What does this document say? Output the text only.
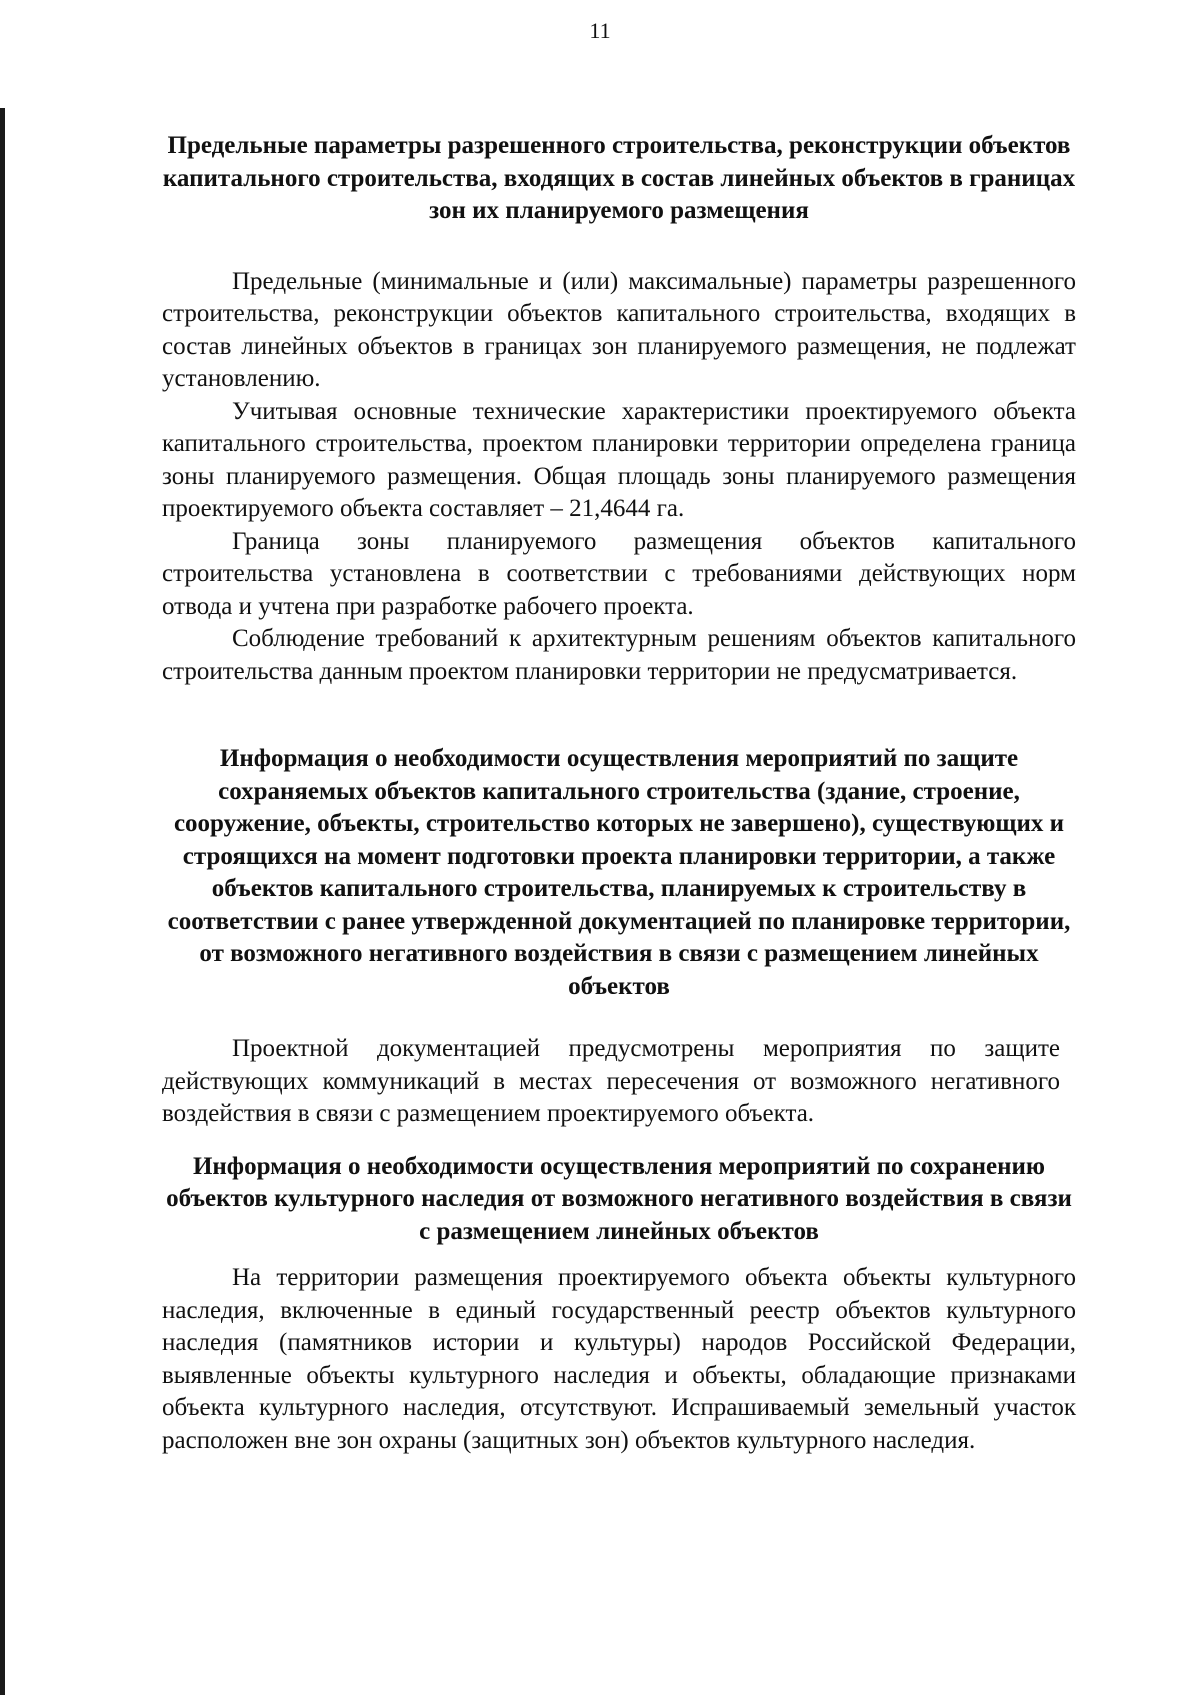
11
Предельные параметры разрешенного строительства, реконструкции объектов капитального строительства, входящих в состав линейных объектов в границах зон их планируемого размещения

Предельные (минимальные и (или) максимальные) параметры разрешенного строительства, реконструкции объектов капитального строительства, входящих в состав линейных объектов в границах зон планируемого размещения, не подлежат установлению.

Учитывая основные технические характеристики проектируемого объекта капитального строительства, проектом планировки территории определена граница зоны планируемого размещения. Общая площадь зоны планируемого размещения проектируемого объекта составляет – 21,4644 га.

Граница зоны планируемого размещения объектов капитального строительства установлена в соответствии с требованиями действующих норм отвода и учтена при разработке рабочего проекта.

Соблюдение требований к архитектурным решениям объектов капитального строительства данным проектом планировки территории не предусматривается.

Информация о необходимости осуществления мероприятий по защите сохраняемых объектов капитального строительства (здание, строение, сооружение, объекты, строительство которых не завершено), существующих и строящихся на момент подготовки проекта планировки территории, а также объектов капитального строительства, планируемых к строительству в соответствии с ранее утвержденной документацией по планировке территории, от возможного негативного воздействия в связи с размещением линейных объектов

Проектной документацией предусмотрены мероприятия по защите действующих коммуникаций в местах пересечения от возможного негативного воздействия в связи с размещением проектируемого объекта.

Информация о необходимости осуществления мероприятий по сохранению объектов культурного наследия от возможного негативного воздействия в связи с размещением линейных объектов

На территории размещения проектируемого объекта объекты культурного наследия, включенные в единый государственный реестр объектов культурного наследия (памятников истории и культуры) народов Российской Федерации, выявленные объекты культурного наследия и объекты, обладающие признаками объекта культурного наследия, отсутствуют. Испрашиваемый земельный участок расположен вне зон охраны (защитных зон) объектов культурного наследия.
